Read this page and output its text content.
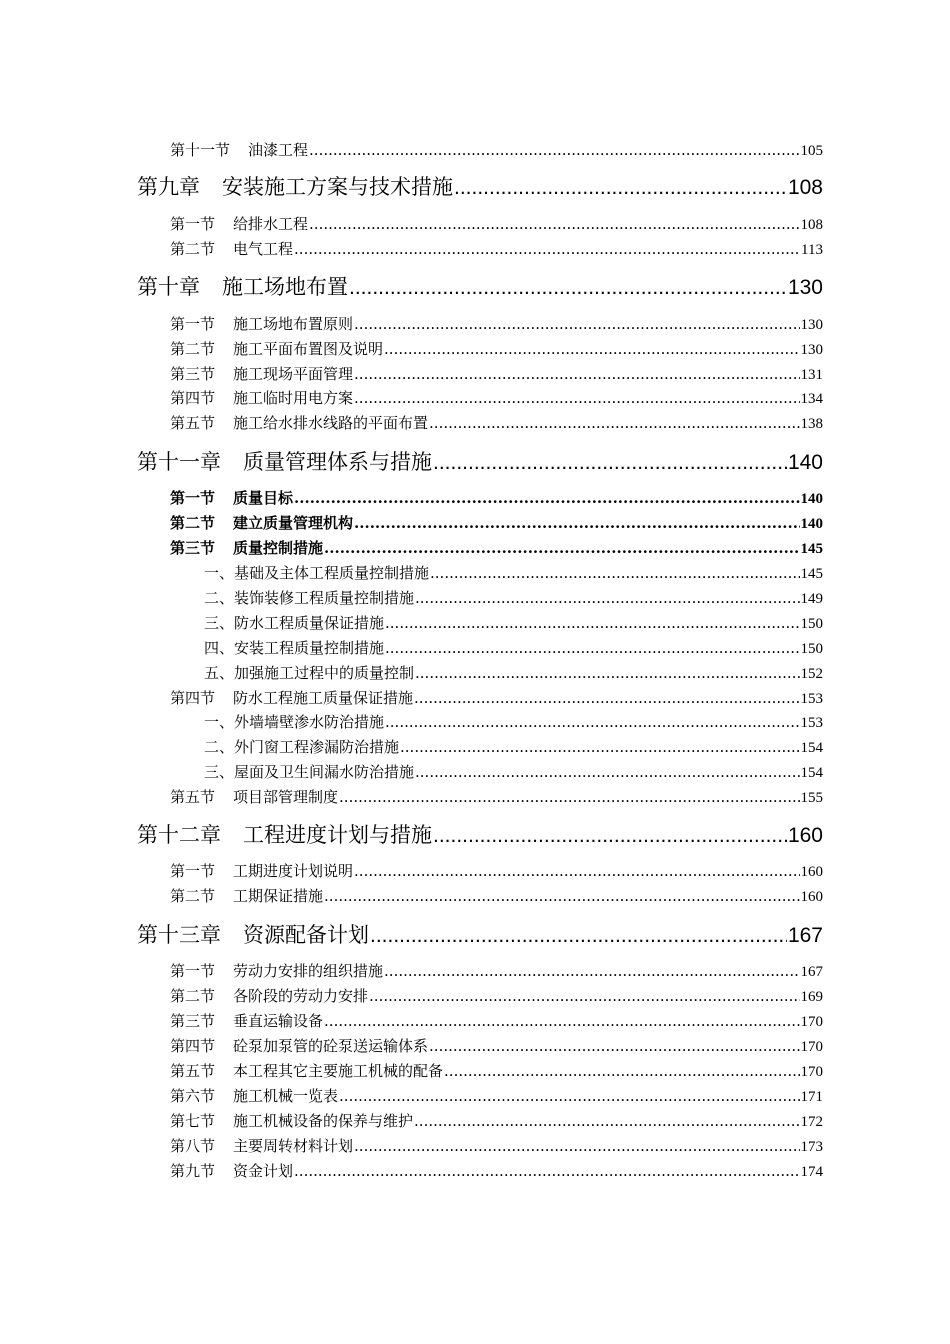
第十一节 油漆工程 .....	105
第九章 安装施工方案与技术措施 .....	108
第一节 给排水工程 .....	108
第二节 电气工程 .....	113
第十章 施工场地布置 .....	130
第一节 施工场地布置原则 .....	130
第二节 施工平面布置图及说明 .....	130
第三节 施工现场平面管理 .....	131
第四节 施工临时用电方案 .....	134
第五节 施工给水排水线路的平面布置 .....	138
第十一章 质量管理体系与措施 .....	140
第一节 质量目标 .....	140
第二节 建立质量管理机构 .....	140
第三节 质量控制措施 .....	145
一、基础及主体工程质量控制措施 .....	145
二、装饰装修工程质量控制措施 .....	149
三、防水工程质量保证措施 .....	150
四、安装工程质量控制措施 .....	150
五、加强施工过程中的质量控制 .....	152
第四节 防水工程施工质量保证措施 .....	153
一、外墙墙壁渗水防治措施 .....	153
二、外门窗工程渗漏防治措施 .....	154
三、屋面及卫生间漏水防治措施 .....	154
第五节 项目部管理制度 .....	155
第十二章 工程进度计划与措施 .....	160
第一节 工期进度计划说明 .....	160
第二节 工期保证措施 .....	160
第十三章 资源配备计划 .....	167
第一节 劳动力安排的组织措施 .....	167
第二节 各阶段的劳动力安排 .....	169
第三节 垂直运输设备 .....	170
第四节 砼泵加泵管的砼泵送运输体系 .....	170
第五节 本工程其它主要施工机械的配备 .....	170
第六节 施工机械一览表 .....	171
第七节 施工机械设备的保养与维护 .....	172
第八节 主要周转材料计划 .....	173
第九节 资金计划 .....	174
